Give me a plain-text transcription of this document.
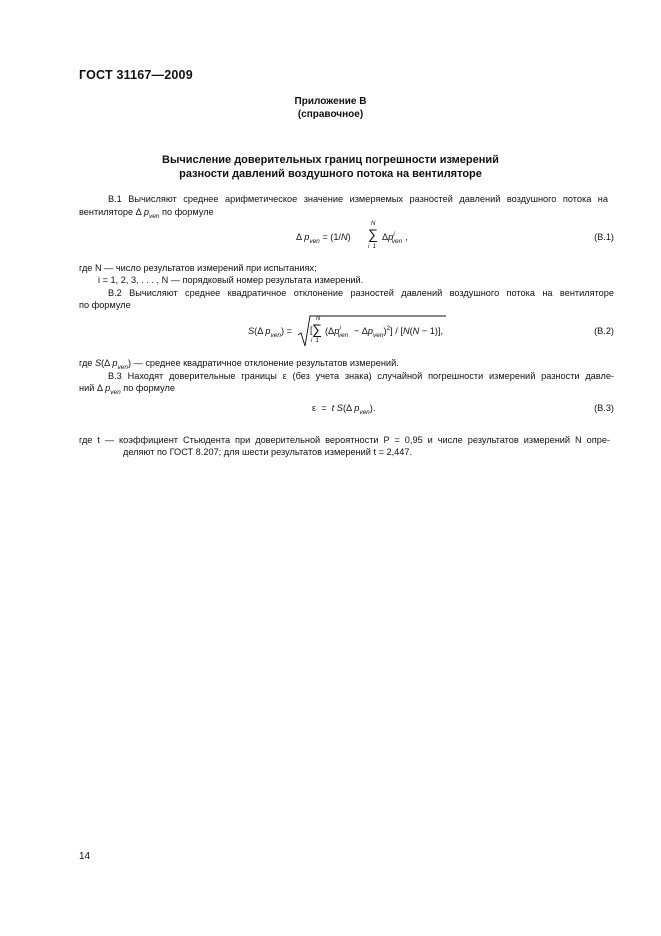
ГОСТ 31167—2009
Приложение В
(справочное)
Вычисление доверительных границ погрешности измерений
разности давлений воздушного потока на вентиляторе
В.1 Вычисляют среднее арифметическое значение измеряемых разностей давлений воздушного потока на
вентиляторе Δ $p_{ven}$ по формуле
Δ $p_{ven} = (1/N)$
N
∑
i  1
$\Delta p^i_{ven}$ ,	(В.1)
где N — число результатов измерений при испытаниях;
i = 1, 2, 3, . . . , N — порядковый номер результата измерений.
В.2 Вычисляют среднее квадратичное отклонение разностей давлений воздушного потока на вентиляторе
по формуле
S(Δ $p_{ven}$) = [
N
∑
i  1
$(\Delta p^i_{ven} - \Delta p_{ven})^2] / [N(N - 1)]$,	(В.2)
где S(Δ $p_{ven}$) — среднее квадратичное отклонение результатов измерений.
В.3 Находят доверительные границы ε (без учета знака) случайной погрешности измерений разности давле-
ний Δ $p_{ven}$ по формуле
ε  =  t S(Δ $p_{ven}$).	(В.3)
где t — коэффициент Стьюдента при доверительной вероятности P = 0,95 и числе результатов измерений N опре-
деляют по ГОСТ 8.207; для шести результатов измерений t = 2,447.
14
